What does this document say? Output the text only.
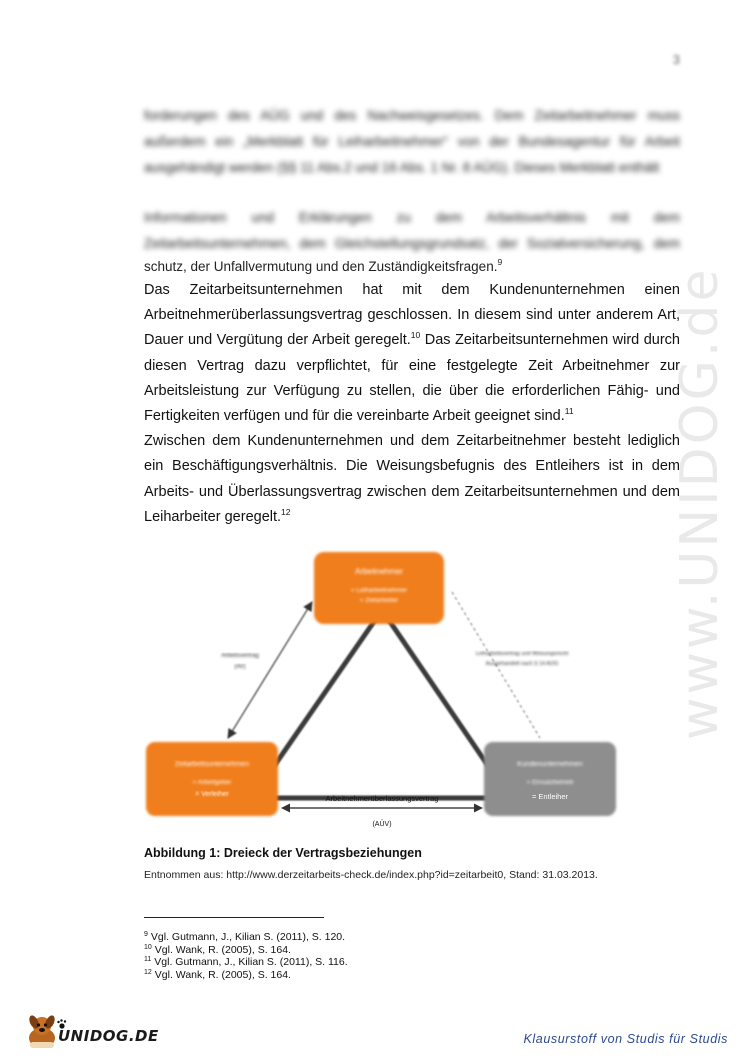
3
www.UNIDOG.de

forderungen des AÜG und des Nachweisgesetzes. Dem Zeitarbeitnehmer muss außerdem ein „Merkblatt für Leiharbeitnehmer“ von der Bundesagentur für Arbeit ausgehändigt werden (§§ 11 Abs.2 und 16 Abs. 1 Nr. 8 AÜG). Dieses Merkblatt enthält

Informationen und Erklärungen zu dem Arbeitsverhältnis mit dem Zeitarbeitsunternehmen, dem Gleichstellungsgrundsatz, der Sozialversicherung, dem

schutz, der Unfallvermutung und den Zuständigkeitsfragen.$^9$

Das Zeitarbeitsunternehmen hat mit dem Kundenunternehmen einen Arbeitnehmerüberlassungsvertrag geschlossen. In diesem sind unter anderem Art, Dauer und Vergütung der Arbeit geregelt.$^{10}$ Das Zeitarbeitsunternehmen wird durch diesen Vertrag dazu verpflichtet, für eine festgelegte Zeit Arbeitnehmer zur Arbeitsleistung zur Verfügung zu stellen, die über die erforderlichen Fähig- und Fertigkeiten verfügen und für die vereinbarte Arbeit geeignet sind.$^{11}$

Zwischen dem Kundenunternehmen und dem Zeitarbeitnehmer besteht lediglich ein Beschäftigungsverhältnis. Die Weisungsbefugnis des Entleihers ist in dem Arbeits- und Überlassungsvertrag zwischen dem Zeitarbeitsunternehmen und dem Leiharbeiter geregelt.$^{12}$

Arbeitnehmer
= Leiharbeitnehmer
= Zeitarbeiter
Zeitarbeitsunternehmen
= Arbeitgeber
= Verleiher
Kundenunternehmen
= Einsatzbetrieb
= Entleiher
Arbeitsvertrag
(AV)
Leiharbeitsvertrag und Weisungsrecht
Ausgehandelt nach § 14 AÜG
Arbeitnehmerüberlassungsvertrag
(AÜV)
Abbildung 1: Dreieck der Vertragsbeziehungen
Entnommen aus: http://www.derzeitarbeits-check.de/index.php?id=zeitarbeit0, Stand: 31.03.2013.
$^9$ Vgl. Gutmann, J., Kilian S. (2011), S. 120.
$^{10}$ Vgl. Wank, R. (2005), S. 164.
$^{11}$ Vgl. Gutmann, J., Kilian S. (2011), S. 116.
$^{12}$ Vgl. Wank, R. (2005), S. 164.
UNIDOG.DE	Klausurstoff von Studis für Studis
